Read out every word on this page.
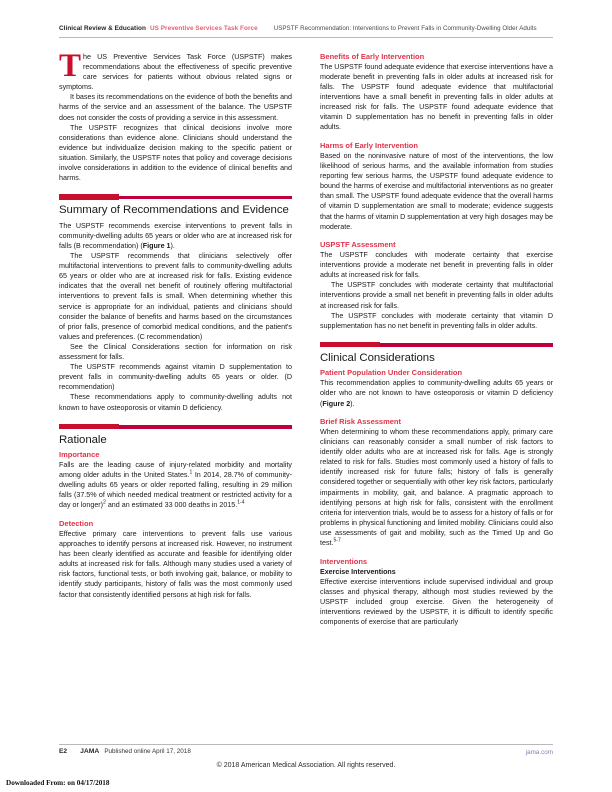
Clinical Review & Education US Preventive Services Task Force	USPSTF Recommendation: Interventions to Prevent Falls in Community-Dwelling Older Adults

The US Preventive Services Task Force (USPSTF) makes recommendations about the effectiveness of specific preventive care services for patients without obvious related signs or symptoms.

It bases its recommendations on the evidence of both the benefits and harms of the service and an assessment of the balance. The USPSTF does not consider the costs of providing a service in this assessment.

The USPSTF recognizes that clinical decisions involve more considerations than evidence alone. Clinicians should understand the evidence but individualize decision making to the specific patient or situation. Similarly, the USPSTF notes that policy and coverage decisions involve considerations in addition to the evidence of clinical benefits and harms.

Summary of Recommendations and Evidence

The USPSTF recommends exercise interventions to prevent falls in community-dwelling adults 65 years or older who are at increased risk for falls (B recommendation) (Figure 1).

The USPSTF recommends that clinicians selectively offer multifactorial interventions to prevent falls to community-dwelling adults 65 years or older who are at increased risk for falls. Existing evidence indicates that the overall net benefit of routinely offering multifactorial interventions to prevent falls is small. When determining whether this service is appropriate for an individual, patients and clinicians should consider the balance of benefits and harms based on the circumstances of prior falls, presence of comorbid medical conditions, and the patient's values and preferences. (C recommendation)

See the Clinical Considerations section for information on risk assessment for falls.

The USPSTF recommends against vitamin D supplementation to prevent falls in community-dwelling adults 65 years or older. (D recommendation)

These recommendations apply to community-dwelling adults not known to have osteoporosis or vitamin D deficiency.

Rationale
Importance

Falls are the leading cause of injury-related morbidity and mortality among older adults in the United States.$^1$ In 2014, 28.7% of community-dwelling adults 65 years or older reported falling, resulting in 29 million falls (37.5% of which needed medical treatment or restricted activity for a day or longer)$^2$ and an estimated 33 000 deaths in 2015.$^{1-4}$

Detection

Effective primary care interventions to prevent falls use various approaches to identify persons at increased risk. However, no instrument has been clearly identified as accurate and feasible for identifying older adults at increased risk for falls. Although many studies used a variety of risk factors, functional tests, or both involving gait, balance, or mobility to identify study participants, history of falls was the most commonly used factor that consistently identified persons at high risk for falls.

Benefits of Early Intervention

The USPSTF found adequate evidence that exercise interventions have a moderate benefit in preventing falls in older adults at increased risk for falls. The USPSTF found adequate evidence that multifactorial interventions have a small benefit in preventing falls in older adults at increased risk for falls. The USPSTF found adequate evidence that vitamin D supplementation has no benefit in preventing falls in older adults.

Harms of Early Intervention

Based on the noninvasive nature of most of the interventions, the low likelihood of serious harms, and the available information from studies reporting few serious harms, the USPSTF found adequate evidence to bound the harms of exercise and multifactorial interventions as no greater than small. The USPSTF found adequate evidence that the overall harms of vitamin D supplementation are small to moderate; evidence suggests that the harms of vitamin D supplementation at very high dosages may be moderate.

USPSTF Assessment

The USPSTF concludes with moderate certainty that exercise interventions provide a moderate net benefit in preventing falls in older adults at increased risk for falls.

The USPSTF concludes with moderate certainty that multifactorial interventions provide a small net benefit in preventing falls in older adults at increased risk for falls.

The USPSTF concludes with moderate certainty that vitamin D supplementation has no net benefit in preventing falls in older adults.

Clinical Considerations
Patient Population Under Consideration

This recommendation applies to community-dwelling adults 65 years or older who are not known to have osteoporosis or vitamin D deficiency (Figure 2).

Brief Risk Assessment

When determining to whom these recommendations apply, primary care clinicians can reasonably consider a small number of risk factors to identify older adults who are at increased risk for falls. Age is strongly related to risk for falls. Studies most commonly used a history of falls to identify increased risk for future falls; history of falls is generally considered together or sequentially with other key risk factors, particularly impairments in mobility, gait, and balance. A pragmatic approach to identifying persons at high risk for falls, consistent with the enrollment criteria for intervention trials, would be to assess for a history of falls or for problems in physical functioning and limited mobility. Clinicians could also use assessments of gait and mobility, such as the Timed Up and Go test.$^{5-7}$

Interventions
Exercise Interventions

Effective exercise interventions include supervised individual and group classes and physical therapy, although most studies reviewed by the USPSTF included group exercise. Given the heterogeneity of interventions reviewed by the USPSTF, it is difficult to identify specific components of exercise that are particularly

E2 JAMA Published online April 17, 2018	jama.com
© 2018 American Medical Association. All rights reserved.
Downloaded From: on 04/17/2018
